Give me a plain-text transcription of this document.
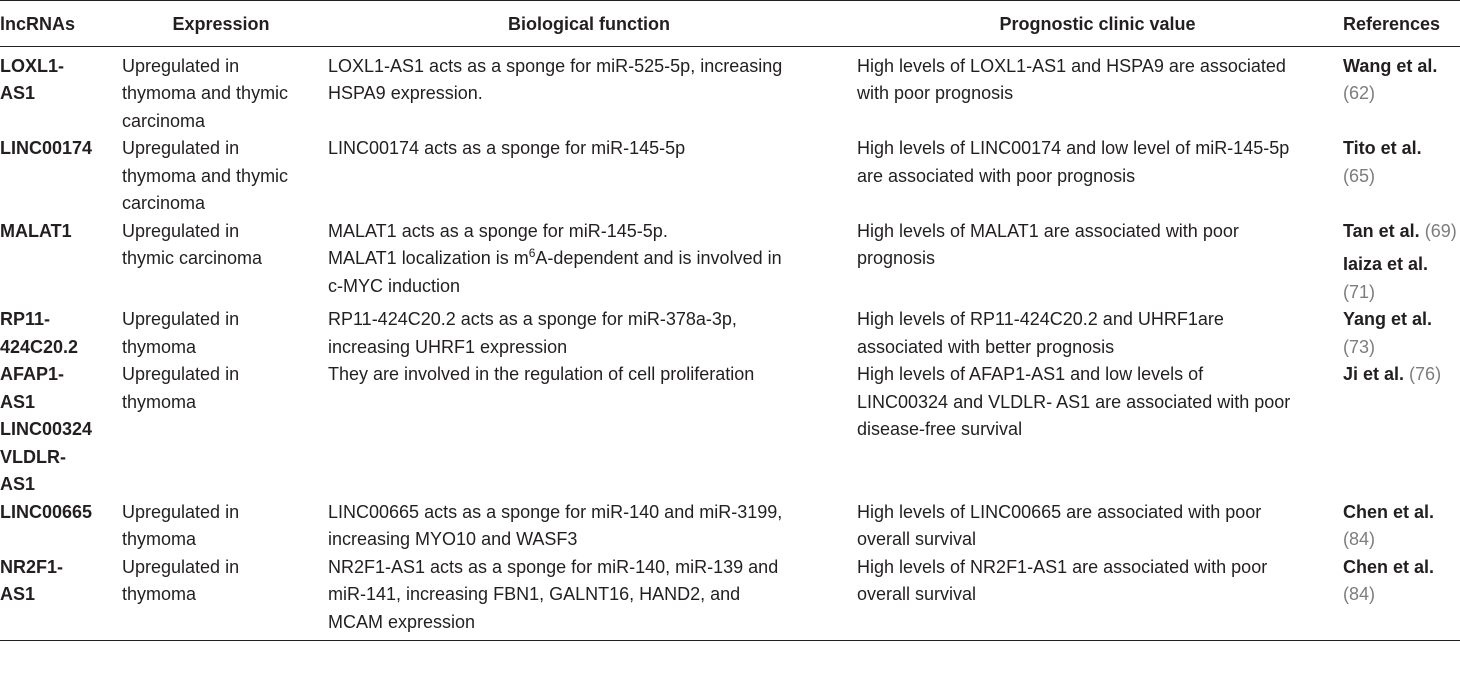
lncRNAs	Expression	Biological function	Prognostic clinic value	References

LOXL1-
AS1	Upregulated in
thymoma and thymic
carcinoma	LOXL1-AS1 acts as a sponge for miR-525-5p, increasing
HSPA9 expression.	High levels of LOXL1-AS1 and HSPA9 are associated
with poor prognosis	Wang et al. (62)

LINC00174	Upregulated in
thymoma and thymic
carcinoma	LINC00174 acts as a sponge for miR-145-5p	High levels of LINC00174 and low level of miR-145-5p
are associated with poor prognosis	Tito et al. (65)

MALAT1	Upregulated in
thymic carcinoma	MALAT1 acts as a sponge for miR-145-5p.
MALAT1 localization is $m^6A$-dependent and is involved in
c-MYC induction	High levels of MALAT1 are associated with poor
prognosis	Tan et al. (69)
Iaiza et al. (71)

RP11-
424C20.2	Upregulated in
thymoma	RP11-424C20.2 acts as a sponge for miR-378a-3p,
increasing UHRF1 expression	High levels of RP11-424C20.2 and UHRF1are
associated with better prognosis	Yang et al. (73)

AFAP1-
AS1
LINC00324
VLDLR-
AS1	Upregulated in
thymoma	They are involved in the regulation of cell proliferation	High levels of AFAP1-AS1 and low levels of
LINC00324 and VLDLR- AS1 are associated with poor
disease-free survival	Ji et al. (76)

LINC00665	Upregulated in
thymoma	LINC00665 acts as a sponge for miR-140 and miR-3199,
increasing MYO10 and WASF3	High levels of LINC00665 are associated with poor
overall survival	Chen et al. (84)

NR2F1-
AS1	Upregulated in
thymoma	NR2F1-AS1 acts as a sponge for miR-140, miR-139 and
miR-141, increasing FBN1, GALNT16, HAND2, and
MCAM expression	High levels of NR2F1-AS1 are associated with poor
overall survival	Chen et al. (84)
